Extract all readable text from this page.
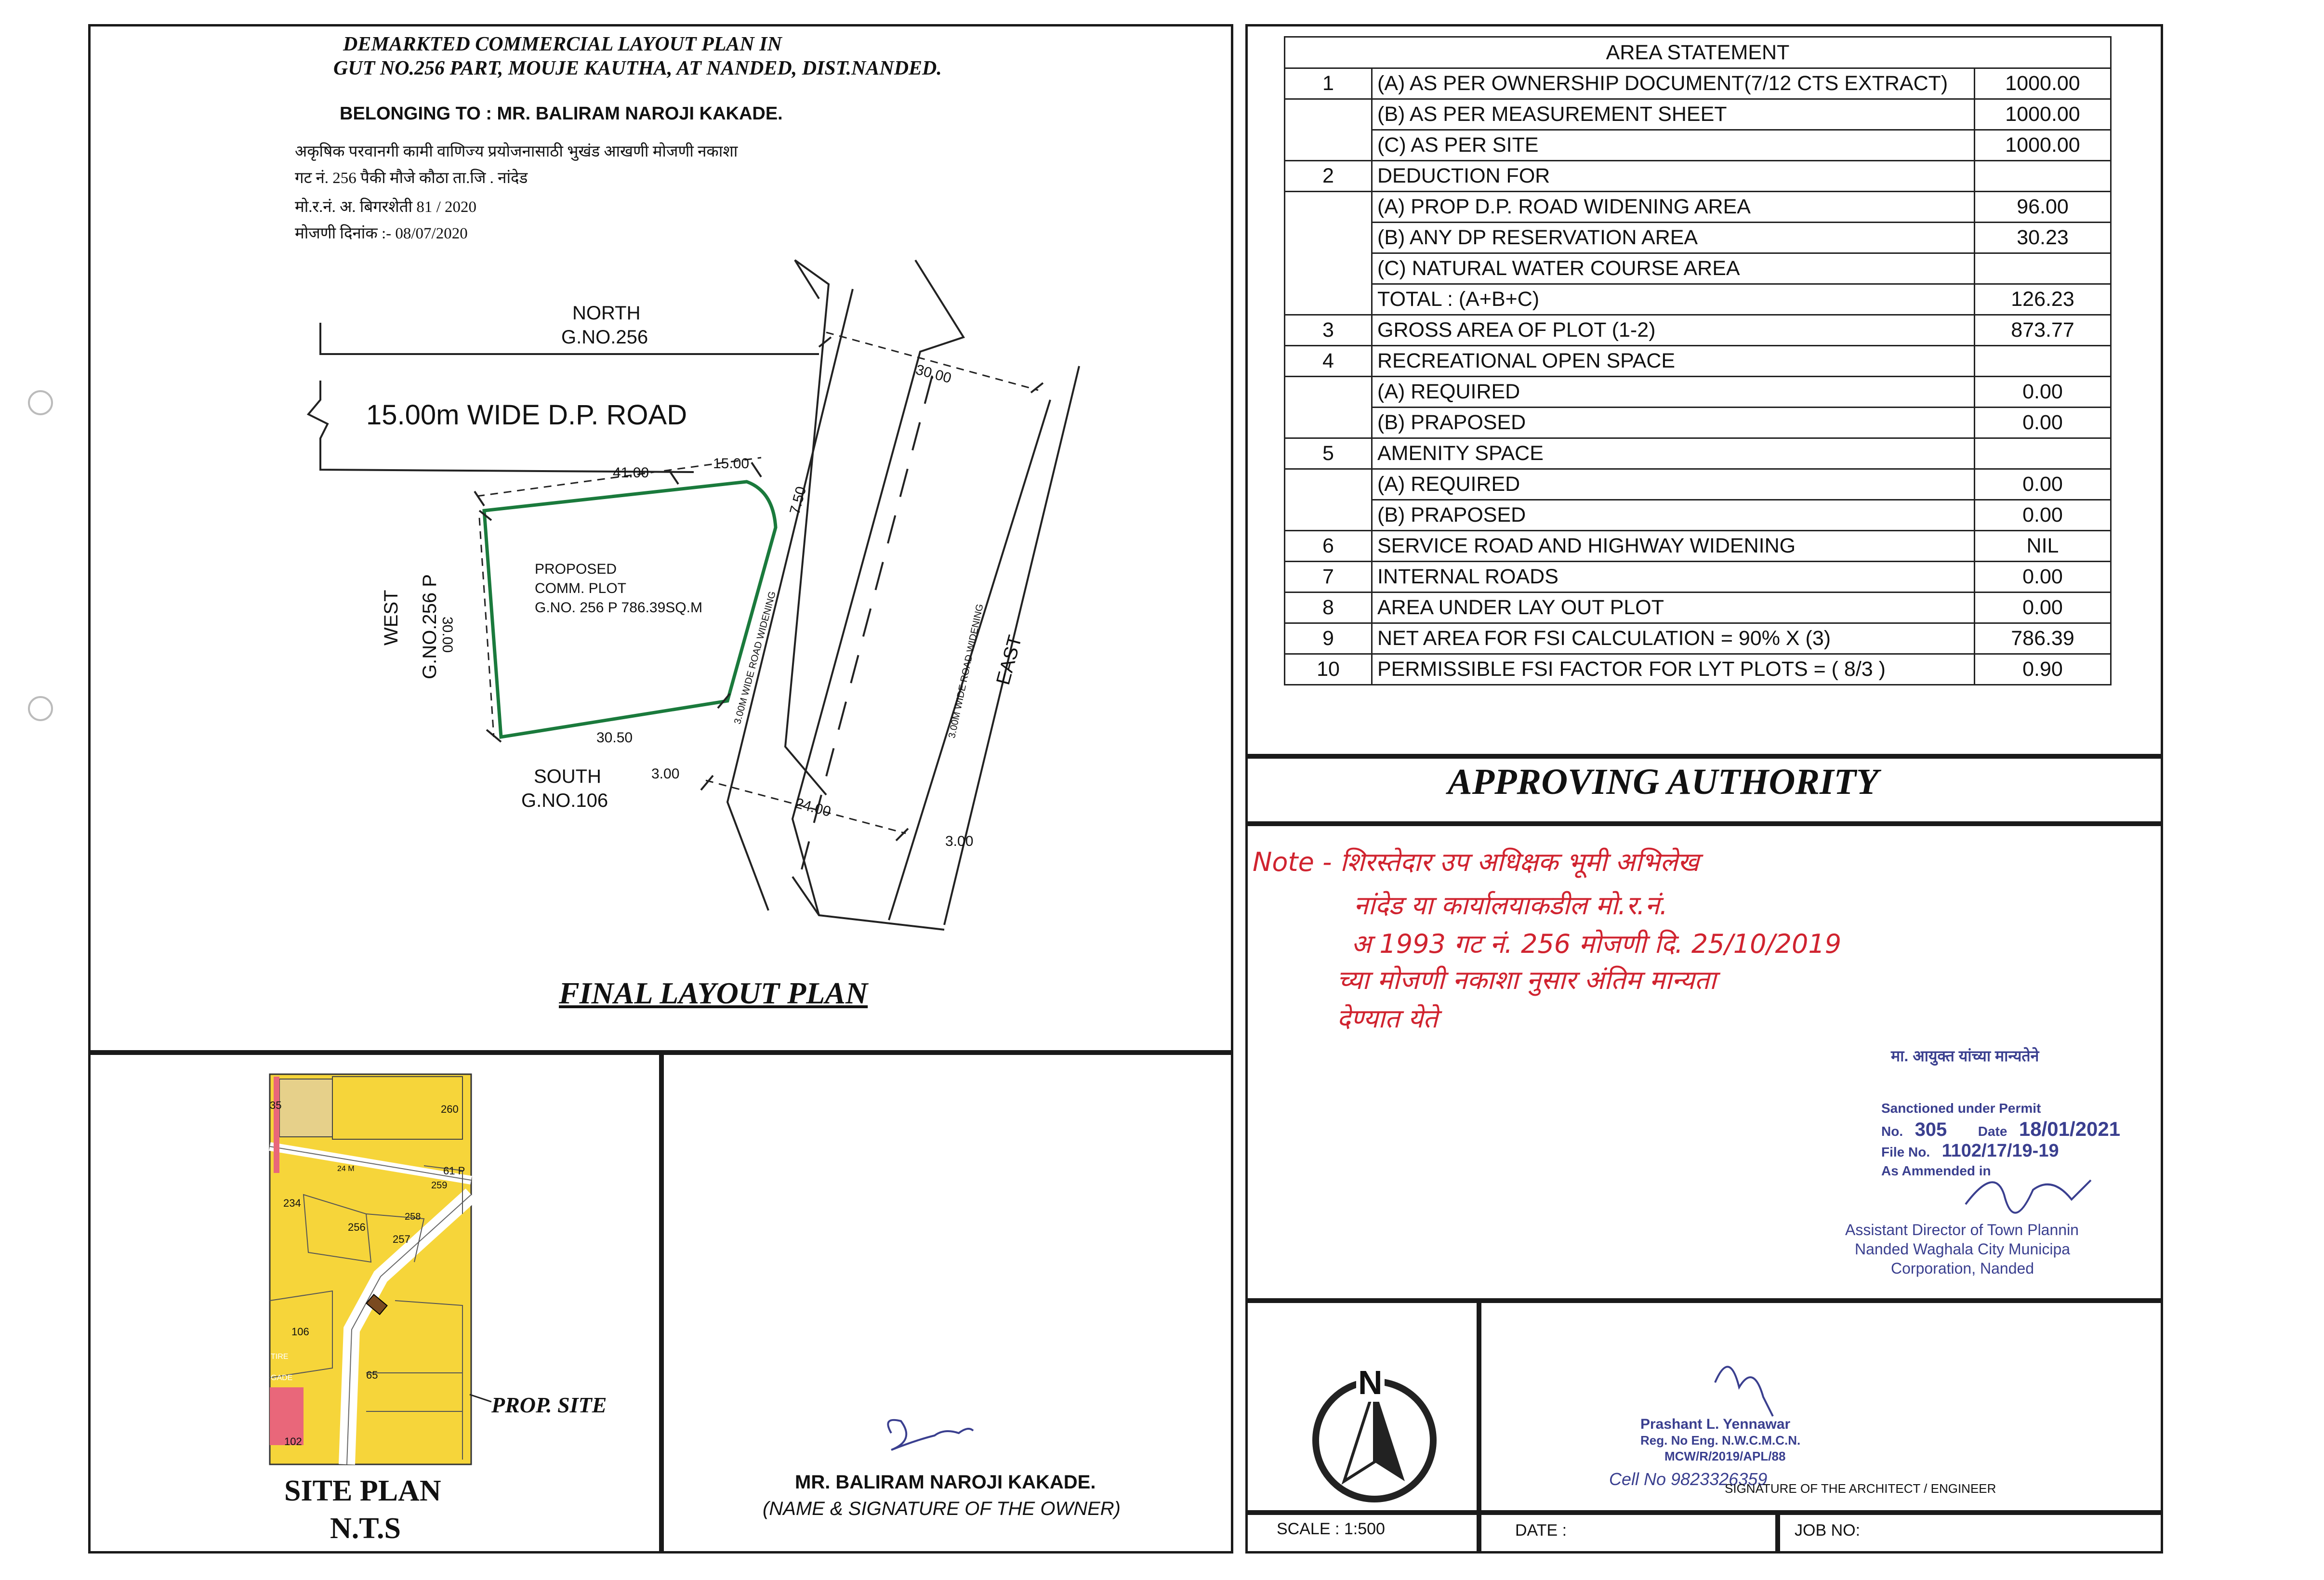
DEMARKTED COMMERCIAL LAYOUT PLAN IN
GUT NO.256 PART, MOUJE KAUTHA, AT NANDED, DIST.NANDED.
BELONGING TO : MR. BALIRAM NAROJI KAKADE.
अकृषिक परवानगी कामी वाणिज्य प्रयोजनासाठी भुखंड आखणी मोजणी नकाशा
गट नं. 256 पैकी मौजे कौठा ता.जि . नांदेड
मो.र.नं. अ. बिगरशेती 81 / 2020
मोजणी दिनांक :- 08/07/2020
NORTH
G.NO.256
15.00m WIDE D.P. ROAD
41.00
15.00
7.50
PROPOSED
COMM. PLOT
G.NO. 256 P 786.39SQ.M
WEST G.NO.256 P
30.00
30.50
SOUTH
G.NO.106
3.00
30.00
24.00
3.00
3.00M WIDE ROAD WIDENING	3.00M WIDE ROAD WIDENING EAST
FINAL LAYOUT PLAN
AREA STATEMENT		
1	(A) AS PER OWNERSHIP DOCUMENT(7/12 CTS EXTRACT)	1000.00
	(B) AS PER MEASUREMENT SHEET	1000.00
	(C) AS PER SITE	1000.00
2	DEDUCTION FOR	
	(A) PROP D.P. ROAD WIDENING AREA	96.00
	(B) ANY DP RESERVATION AREA	30.23
	(C) NATURAL WATER COURSE AREA	
	TOTAL : (A+B+C)	126.23
3	GROSS AREA OF PLOT (1-2)	873.77
4	RECREATIONAL OPEN SPACE	
	(A) REQUIRED	0.00
	(B) PRAPOSED	0.00
5	AMENITY SPACE	
	(A) REQUIRED	0.00
	(B) PRAPOSED	0.00
6	SERVICE ROAD AND HIGHWAY WIDENING	NIL
7	INTERNAL ROADS	0.00
8	AREA UNDER LAY OUT PLOT	0.00
9	NET AREA FOR FSI CALCULATION = 90% X (3)	786.39
10	PERMISSIBLE FSI FACTOR FOR LYT PLOTS = ( 8/3 )	0.90
APPROVING AUTHORITY
Note - शिरस्तेदार उप अधिक्षक भूमी अभिलेख
नांदेड या कार्यालयाकडील मो.र.नं.
अ 1993 गट नं. 256 मोजणी दि. 25/10/2019
च्या मोजणी नकाशा नुसार अंतिम मान्यता
देण्यात येते
मा. आयुक्त यांच्या मान्यतेने
Sanctioned under Permit
No. 305 Date 18/01/2021
File No. 1102/17/19-19
As Ammended in
Assistant Director of Town Plannin
Nanded Waghala City Municipa
Corporation, Nanded
35	260
24 M	61 P
259
234
258
256
257
106
65
102
TIRE
GADE
PROP. SITE
SITE PLAN
N.T.S
MR. BALIRAM NAROJI KAKADE.
(NAME & SIGNATURE OF THE OWNER)
N
Prashant L. Yennawar
Reg. No Eng. N.W.C.M.C.N.
MCW/R/2019/APL/88
Cell No 9823326359
SIGNATURE OF THE ARCHITECT / ENGINEER
SCALE : 1:500	DATE :	JOB NO:
